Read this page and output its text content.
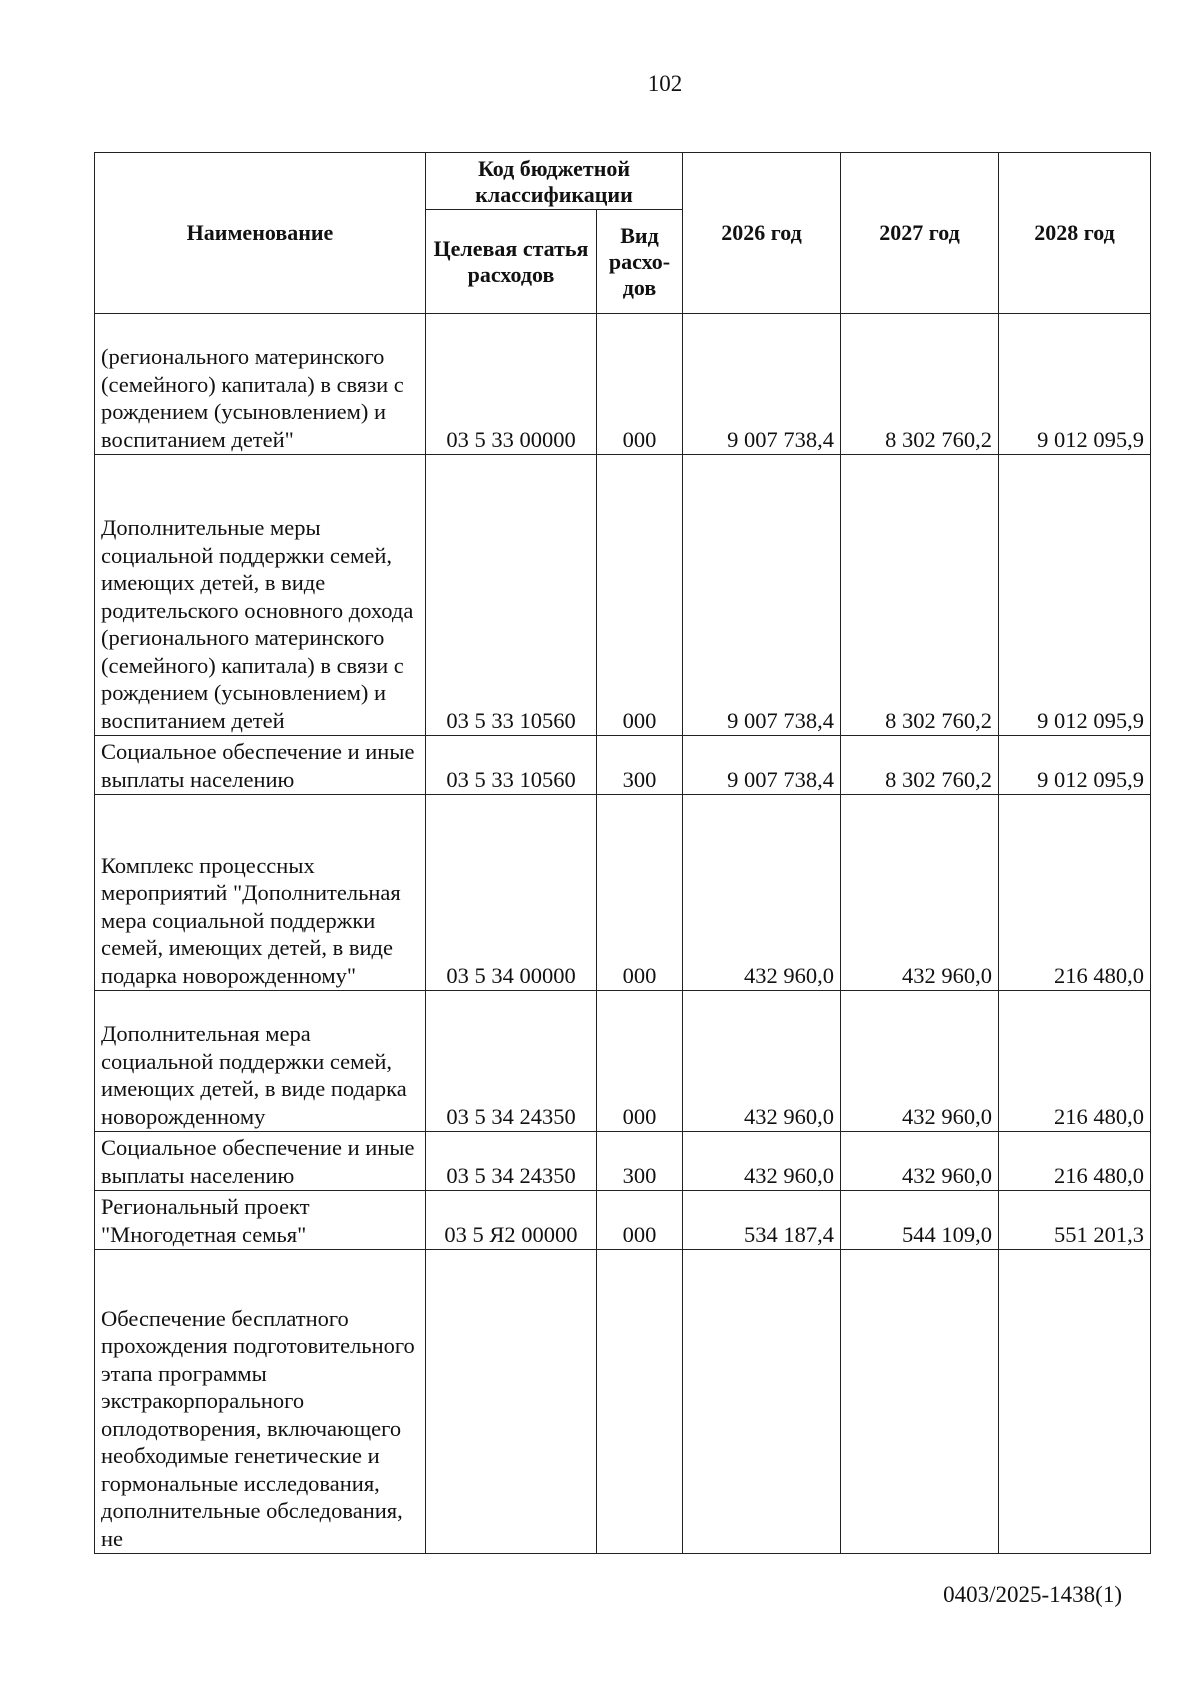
102
Наименование	Код бюджетной классификации		2026 год	2027 год	2028 год
	Целевая статья расходов	Вид расхо-дов			
(регионального материнского (семейного) капитала) в связи с рождением (усыновлением) и воспитанием детей"	03 5 33 00000	000	9 007 738,4	8 302 760,2	9 012 095,9
Дополнительные меры социальной поддержки семей, имеющих детей, в виде родительского основного дохода (регионального материнского (семейного) капитала) в связи с рождением (усыновлением) и воспитанием детей	03 5 33 10560	000	9 007 738,4	8 302 760,2	9 012 095,9
Социальное обеспечение и иные выплаты населению	03 5 33 10560	300	9 007 738,4	8 302 760,2	9 012 095,9
Комплекс процессных мероприятий "Дополнительная мера социальной поддержки семей, имеющих детей, в виде подарка новорожденному"	03 5 34 00000	000	432 960,0	432 960,0	216 480,0
Дополнительная мера социальной поддержки семей, имеющих детей, в виде подарка новорожденному	03 5 34 24350	000	432 960,0	432 960,0	216 480,0
Социальное обеспечение и иные выплаты населению	03 5 34 24350	300	432 960,0	432 960,0	216 480,0
Региональный проект "Многодетная семья"	03 5 Я2 00000	000	534 187,4	544 109,0	551 201,3
Обеспечение бесплатного прохождения подготовительного этапа программы экстракорпорального оплодотворения, включающего необходимые генетические и гормональные исследования, дополнительные обследования, не					
0403/2025-1438(1)
